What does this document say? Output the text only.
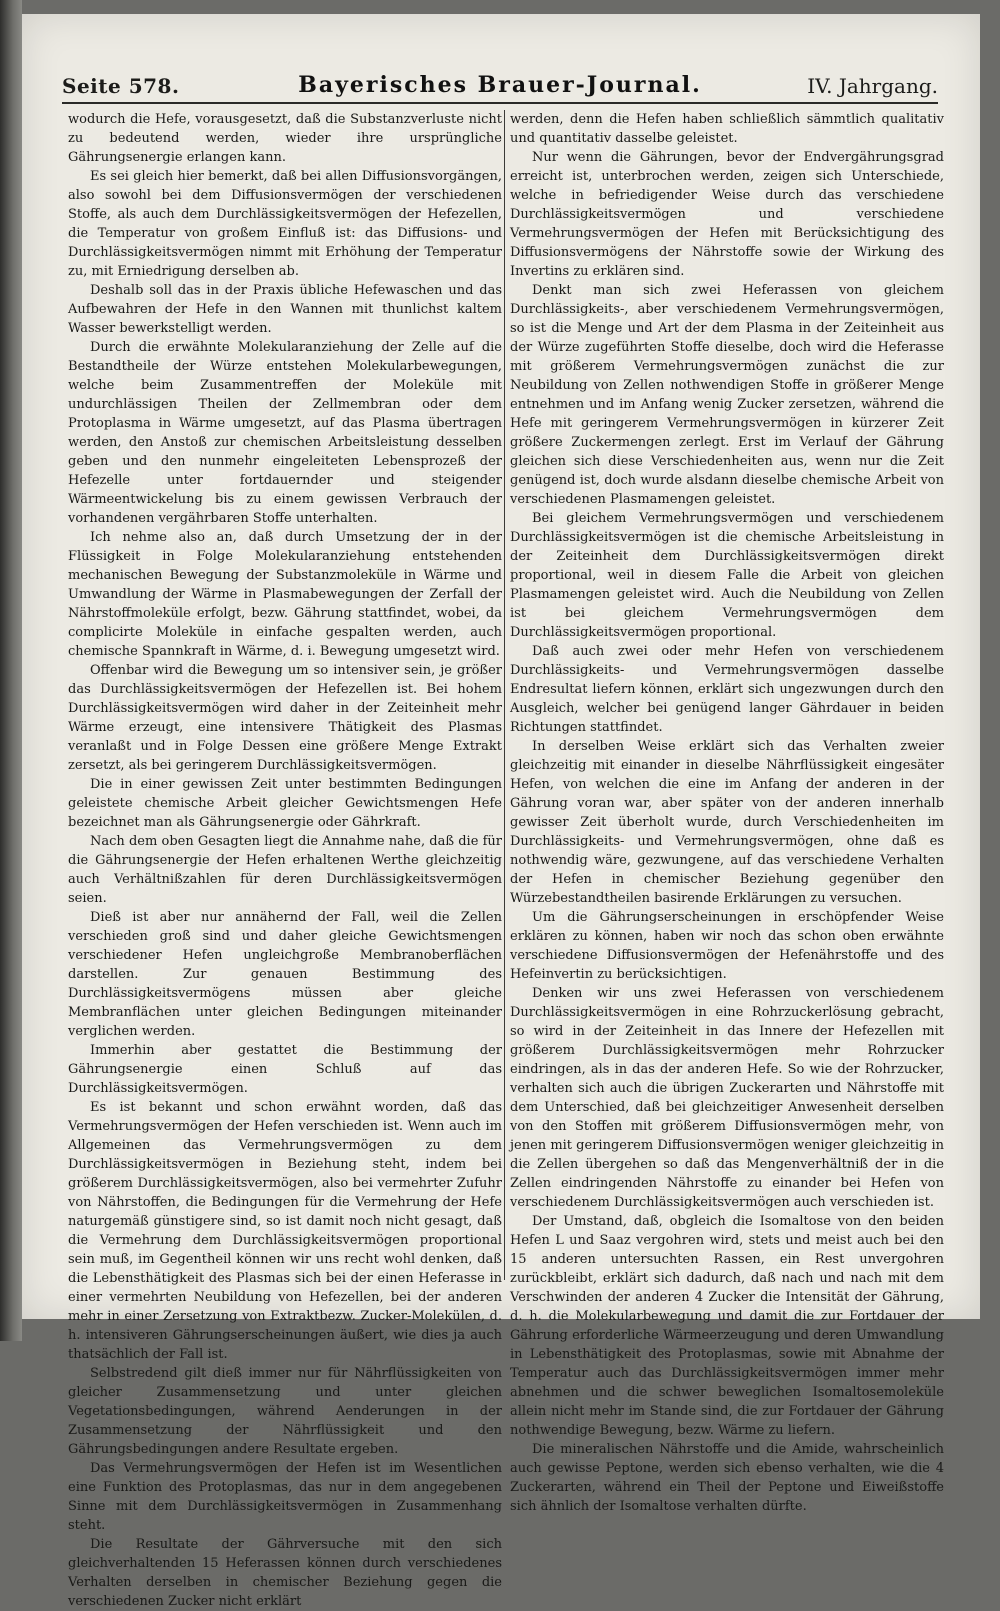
Seite 578.	Bayerisches Brauer-Journal.	IV. Jahrgang.

wodurch die Hefe, vorausgesetzt, daß die Substanzverluste nicht zu bedeutend werden, wieder ihre ursprüngliche Gährungsenergie erlangen kann.

Es sei gleich hier bemerkt, daß bei allen Diffusionsvorgängen, also sowohl bei dem Diffusionsvermögen der verschiedenen Stoffe, als auch dem Durchlässigkeitsvermögen der Hefezellen, die Temperatur von großem Einfluß ist: das Diffusions- und Durchlässigkeitsvermögen nimmt mit Erhöhung der Temperatur zu, mit Erniedrigung derselben ab.

Deshalb soll das in der Praxis übliche Hefewaschen und das Aufbewahren der Hefe in den Wannen mit thunlichst kaltem Wasser bewerkstelligt werden.

Durch die erwähnte Molekularanziehung der Zelle auf die Bestandtheile der Würze entstehen Molekularbewegungen, welche beim Zusammentreffen der Moleküle mit undurchlässigen Theilen der Zellmembran oder dem Protoplasma in Wärme umgesetzt, auf das Plasma übertragen werden, den Anstoß zur chemischen Arbeitsleistung desselben geben und den nunmehr eingeleiteten Lebensprozeß der Hefezelle unter fortdauernder und steigender Wärmeentwickelung bis zu einem gewissen Verbrauch der vorhandenen vergährbaren Stoffe unterhalten.

Ich nehme also an, daß durch Umsetzung der in der Flüssigkeit in Folge Molekularanziehung entstehenden mechanischen Bewegung der Substanzmoleküle in Wärme und Umwandlung der Wärme in Plasmabewegungen der Zerfall der Nährstoffmoleküle erfolgt, bezw. Gährung stattfindet, wobei, da complicirte Moleküle in einfache gespalten werden, auch chemische Spannkraft in Wärme, d. i. Bewegung umgesetzt wird.

Offenbar wird die Bewegung um so intensiver sein, je größer das Durchlässigkeitsvermögen der Hefezellen ist. Bei hohem Durchlässigkeitsvermögen wird daher in der Zeiteinheit mehr Wärme erzeugt, eine intensivere Thätigkeit des Plasmas veranlaßt und in Folge Dessen eine größere Menge Extrakt zersetzt, als bei geringerem Durchlässigkeitsvermögen.

Die in einer gewissen Zeit unter bestimmten Bedingungen geleistete chemische Arbeit gleicher Gewichtsmengen Hefe bezeichnet man als Gährungsenergie oder Gährkraft.

Nach dem oben Gesagten liegt die Annahme nahe, daß die für die Gährungsenergie der Hefen erhaltenen Werthe gleichzeitig auch Verhältnißzahlen für deren Durchlässigkeitsvermögen seien.

Dieß ist aber nur annähernd der Fall, weil die Zellen verschieden groß sind und daher gleiche Gewichtsmengen verschiedener Hefen ungleichgroße Membranoberflächen darstellen. Zur genauen Bestimmung des Durchlässigkeitsvermögens müssen aber gleiche Membranflächen unter gleichen Bedingungen miteinander verglichen werden.

Immerhin aber gestattet die Bestimmung der Gährungsenergie einen Schluß auf das Durchlässigkeitsvermögen.

Es ist bekannt und schon erwähnt worden, daß das Vermehrungsvermögen der Hefen verschieden ist. Wenn auch im Allgemeinen das Vermehrungsvermögen zu dem Durchlässigkeitsvermögen in Beziehung steht, indem bei größerem Durchlässigkeitsvermögen, also bei vermehrter Zufuhr von Nährstoffen, die Bedingungen für die Vermehrung der Hefe naturgemäß günstigere sind, so ist damit noch nicht gesagt, daß die Vermehrung dem Durchlässigkeitsvermögen proportional sein muß, im Gegentheil können wir uns recht wohl denken, daß die Lebensthätigkeit des Plasmas sich bei der einen Heferasse in einer vermehrten Neubildung von Hefezellen, bei der anderen mehr in einer Zersetzung von Extraktbezw. Zucker-Molekülen, d. h. intensiveren Gährungserscheinungen äußert, wie dies ja auch thatsächlich der Fall ist.

Selbstredend gilt dieß immer nur für Nährflüssigkeiten von gleicher Zusammensetzung und unter gleichen Vegetationsbedingungen, während Aenderungen in der Zusammensetzung der Nährflüssigkeit und den Gährungsbedingungen andere Resultate ergeben.

Das Vermehrungsvermögen der Hefen ist im Wesentlichen eine Funktion des Protoplasmas, das nur in dem angegebenen Sinne mit dem Durchlässigkeitsvermögen in Zusammenhang steht.

Die Resultate der Gährversuche mit den sich gleichverhaltenden 15 Heferassen können durch verschiedenes Verhalten derselben in chemischer Beziehung gegen die verschiedenen Zucker nicht erklärt

werden, denn die Hefen haben schließlich sämmtlich qualitativ und quantitativ dasselbe geleistet.

Nur wenn die Gährungen, bevor der Endvergährungsgrad erreicht ist, unterbrochen werden, zeigen sich Unterschiede, welche in befriedigender Weise durch das verschiedene Durchlässigkeitsvermögen und verschiedene Vermehrungsvermögen der Hefen mit Berücksichtigung des Diffusionsvermögens der Nährstoffe sowie der Wirkung des Invertins zu erklären sind.

Denkt man sich zwei Heferassen von gleichem Durchlässigkeits-, aber verschiedenem Vermehrungsvermögen, so ist die Menge und Art der dem Plasma in der Zeiteinheit aus der Würze zugeführten Stoffe dieselbe, doch wird die Heferasse mit größerem Vermehrungsvermögen zunächst die zur Neubildung von Zellen nothwendigen Stoffe in größerer Menge entnehmen und im Anfang wenig Zucker zersetzen, während die Hefe mit geringerem Vermehrungsvermögen in kürzerer Zeit größere Zuckermengen zerlegt. Erst im Verlauf der Gährung gleichen sich diese Verschiedenheiten aus, wenn nur die Zeit genügend ist, doch wurde alsdann dieselbe chemische Arbeit von verschiedenen Plasmamengen geleistet.

Bei gleichem Vermehrungsvermögen und verschiedenem Durchlässigkeitsvermögen ist die chemische Arbeitsleistung in der Zeiteinheit dem Durchlässigkeitsvermögen direkt proportional, weil in diesem Falle die Arbeit von gleichen Plasmamengen geleistet wird. Auch die Neubildung von Zellen ist bei gleichem Vermehrungsvermögen dem Durchlässigkeitsvermögen proportional.

Daß auch zwei oder mehr Hefen von verschiedenem Durchlässigkeits- und Vermehrungsvermögen dasselbe Endresultat liefern können, erklärt sich ungezwungen durch den Ausgleich, welcher bei genügend langer Gährdauer in beiden Richtungen stattfindet.

In derselben Weise erklärt sich das Verhalten zweier gleichzeitig mit einander in dieselbe Nährflüssigkeit eingesäter Hefen, von welchen die eine im Anfang der anderen in der Gährung voran war, aber später von der anderen innerhalb gewisser Zeit überholt wurde, durch Verschiedenheiten im Durchlässigkeits- und Vermehrungsvermögen, ohne daß es nothwendig wäre, gezwungene, auf das verschiedene Verhalten der Hefen in chemischer Beziehung gegenüber den Würzebestandtheilen basirende Erklärungen zu versuchen.

Um die Gährungserscheinungen in erschöpfender Weise erklären zu können, haben wir noch das schon oben erwähnte verschiedene Diffusionsvermögen der Hefenährstoffe und des Hefeinvertin zu berücksichtigen.

Denken wir uns zwei Heferassen von verschiedenem Durchlässigkeitsvermögen in eine Rohrzuckerlösung gebracht, so wird in der Zeiteinheit in das Innere der Hefezellen mit größerem Durchlässigkeitsvermögen mehr Rohrzucker eindringen, als in das der anderen Hefe. So wie der Rohrzucker, verhalten sich auch die übrigen Zuckerarten und Nährstoffe mit dem Unterschied, daß bei gleichzeitiger Anwesenheit derselben von den Stoffen mit größerem Diffusionsvermögen mehr, von jenen mit geringerem Diffusionsvermögen weniger gleichzeitig in die Zellen übergehen so daß das Mengenverhältniß der in die Zellen eindringenden Nährstoffe zu einander bei Hefen von verschiedenem Durchlässigkeitsvermögen auch verschieden ist.

Der Umstand, daß, obgleich die Isomaltose von den beiden Hefen L und Saaz vergohren wird, stets und meist auch bei den 15 anderen untersuchten Rassen, ein Rest unvergohren zurückbleibt, erklärt sich dadurch, daß nach und nach mit dem Verschwinden der anderen 4 Zucker die Intensität der Gährung, d. h. die Molekularbewegung und damit die zur Fortdauer der Gährung erforderliche Wärmeerzeugung und deren Umwandlung in Lebensthätigkeit des Protoplasmas, sowie mit Abnahme der Temperatur auch das Durchlässigkeitsvermögen immer mehr abnehmen und die schwer beweglichen Isomaltosemoleküle allein nicht mehr im Stande sind, die zur Fortdauer der Gährung nothwendige Bewegung, bezw. Wärme zu liefern.

Die mineralischen Nährstoffe und die Amide, wahrscheinlich auch gewisse Peptone, werden sich ebenso verhalten, wie die 4 Zuckerarten, während ein Theil der Peptone und Eiweißstoffe sich ähnlich der Isomaltose verhalten dürfte.
